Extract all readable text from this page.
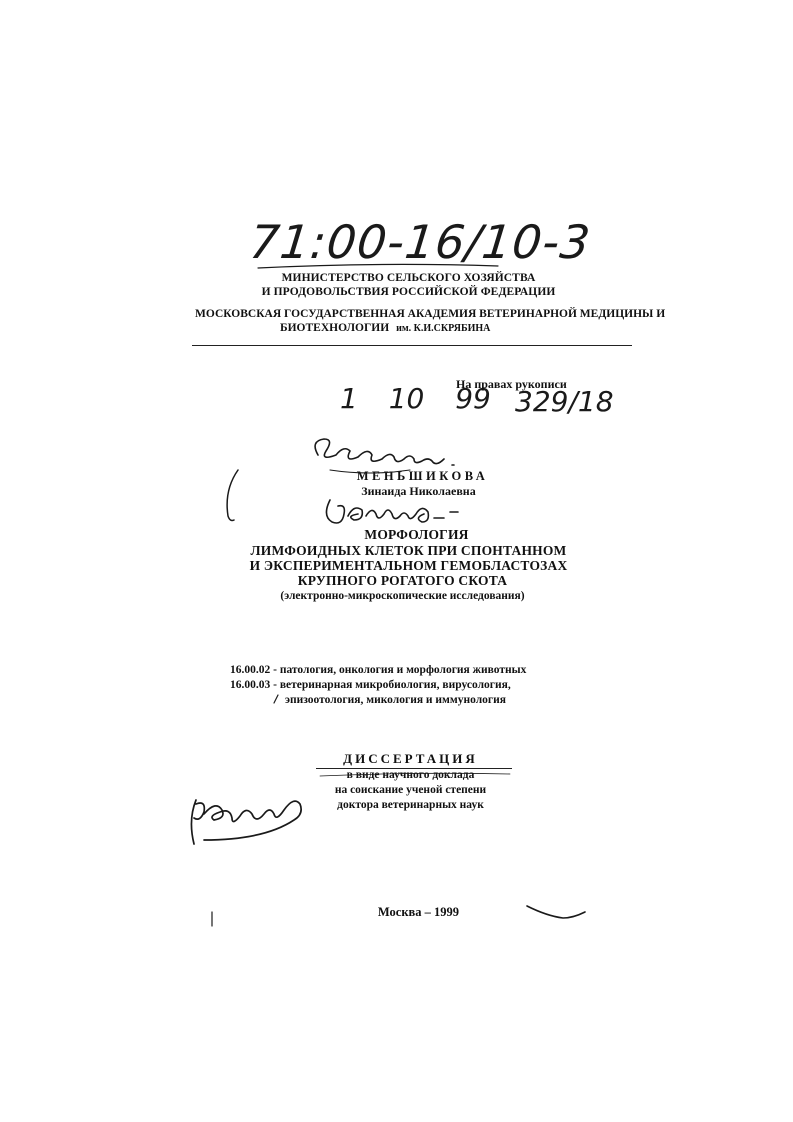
71:00-16/10-3
МИНИСТЕРСТВО СЕЛЬСКОГО ХОЗЯЙСТВА
И ПРОДОВОЛЬСТВИЯ РОССИЙСКОЙ ФЕДЕРАЦИИ
МОСКОВСКАЯ ГОСУДАРСТВЕННАЯ АКАДЕМИЯ ВЕТЕРИНАРНОЙ МЕДИЦИНЫ И
БИОТЕХНОЛОГИИ им. К.И.СКРЯБИНА
1 10 99
На правах рукописи
329/18
МЕНЬШИКОВА
Зинаида Николаевна
МОРФОЛОГИЯ
ЛИМФОИДНЫХ КЛЕТОК ПРИ СПОНТАННОМ
И ЭКСПЕРИМЕНТАЛЬНОМ ГЕМОБЛАСТОЗАХ
КРУПНОГО РОГАТОГО СКОТА
(электронно-микроскопические исследования)
16.00.02 - патология, онкология и морфология животных
16.00.03 - ветеринарная микробиология, вирусология,
эпизоотология, микология и иммунология
ДИССЕРТАЦИЯ
в виде научного доклада
на соискание ученой степени
доктора ветеринарных наук
Москва – 1999
